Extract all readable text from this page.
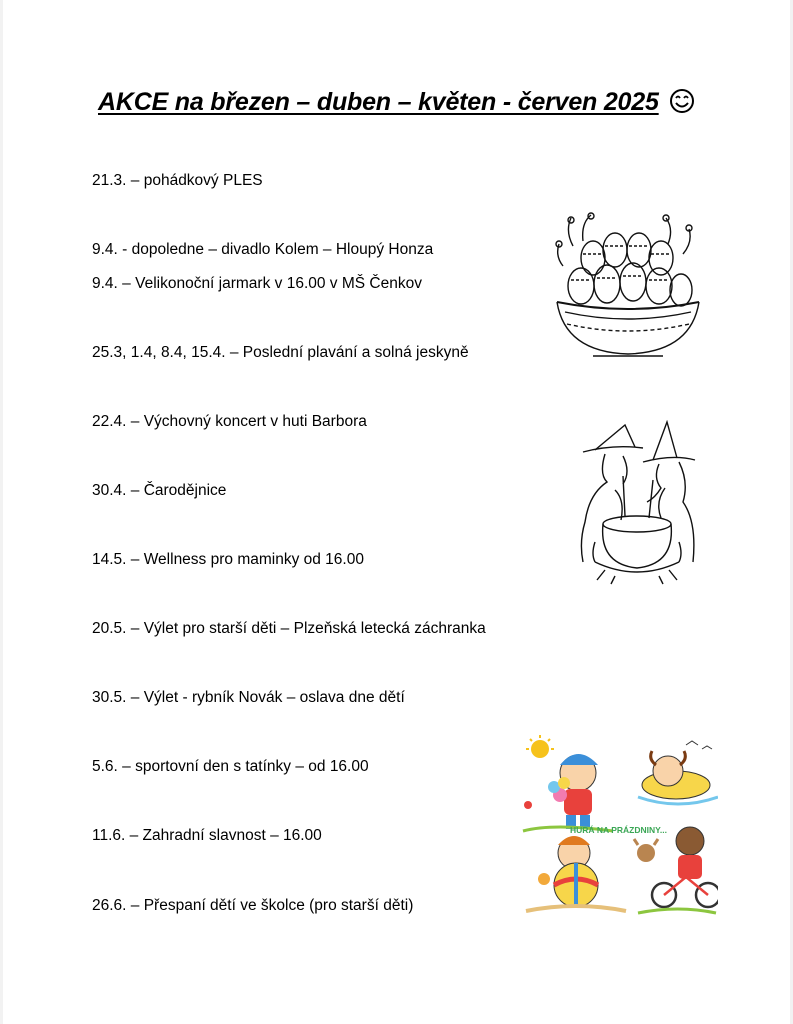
AKCE na březen – duben – květen - červen 2025
21.3. – pohádkový PLES
9.4. - dopoledne – divadlo Kolem – Hloupý Honza
9.4. – Velikonoční jarmark v 16.00 v MŠ Čenkov
25.3, 1.4, 8.4, 15.4. – Poslední plavání a solná jeskyně
22.4. – Výchovný koncert v huti Barbora
30.4. – Čarodějnice
14.5. – Wellness pro maminky od 16.00
20.5. – Výlet pro starší děti – Plzeňská letecká záchranka
30.5. – Výlet - rybník Novák – oslava dne dětí
5.6. – sportovní den s tatínky – od 16.00
11.6. – Zahradní slavnost – 16.00
26.6. – Přespaní dětí ve školce (pro starší děti)
HURÁ NA PRÁZDNINY...
